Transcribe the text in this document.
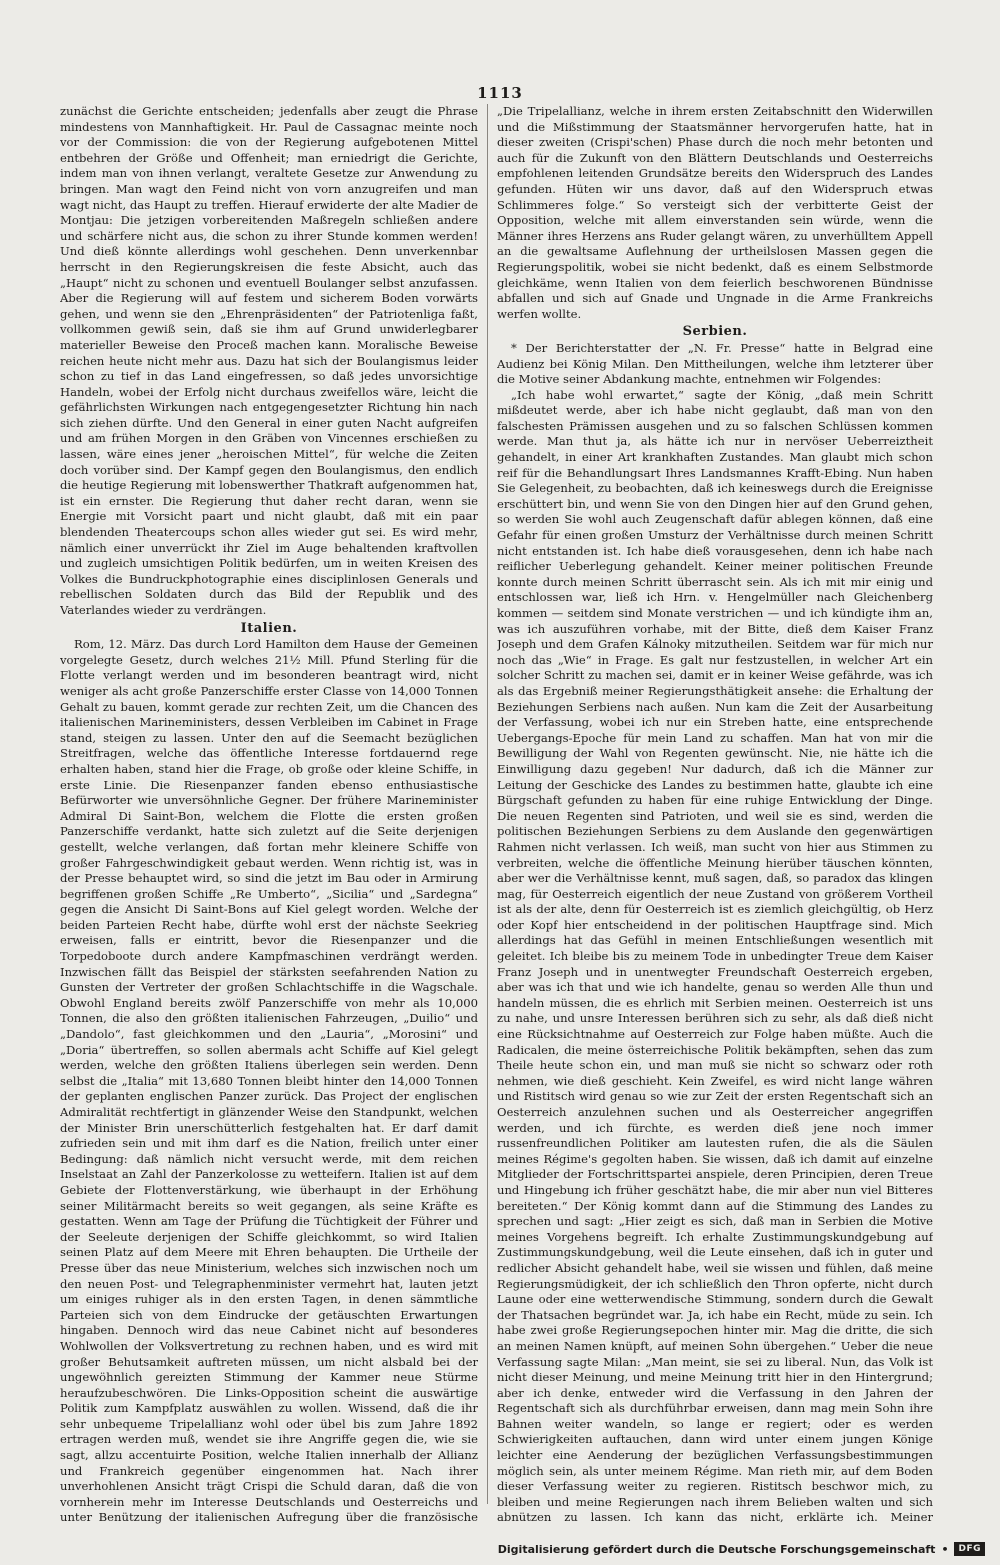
1113

zunächst die Gerichte entscheiden; jedenfalls aber zeugt die Phrase mindestens von Mannhaftigkeit. Hr. Paul de Cassagnac meinte noch vor der Commission: die von der Regierung aufgebotenen Mittel entbehren der Größe und Offenheit; man erniedrigt die Gerichte, indem man von ihnen verlangt, veraltete Gesetze zur Anwendung zu bringen. Man wagt den Feind nicht von vorn anzugreifen und man wagt nicht, das Haupt zu treffen. Hierauf erwiderte der alte Madier de Montjau: Die jetzigen vorbereitenden Maßregeln schließen andere und schärfere nicht aus, die schon zu ihrer Stunde kommen werden! Und dieß könnte allerdings wohl geschehen. Denn unverkennbar herrscht in den Regierungskreisen die feste Absicht, auch das „Haupt“ nicht zu schonen und eventuell Boulanger selbst anzufassen. Aber die Regierung will auf festem und sicherem Boden vorwärts gehen, und wenn sie den „Ehrenpräsidenten“ der Patriotenliga faßt, vollkommen gewiß sein, daß sie ihm auf Grund unwiderlegbarer materieller Beweise den Proceß machen kann. Moralische Beweise reichen heute nicht mehr aus. Dazu hat sich der Boulangismus leider schon zu tief in das Land eingefressen, so daß jedes unvorsichtige Handeln, wobei der Erfolg nicht durchaus zweifellos wäre, leicht die gefährlichsten Wirkungen nach entgegengesetzter Richtung hin nach sich ziehen dürfte. Und den General in einer guten Nacht aufgreifen und am frühen Morgen in den Gräben von Vincennes erschießen zu lassen, wäre eines jener „heroischen Mittel“, für welche die Zeiten doch vorüber sind. Der Kampf gegen den Boulangismus, den endlich die heutige Regierung mit lobenswerther Thatkraft aufgenommen hat, ist ein ernster. Die Regierung thut daher recht daran, wenn sie Energie mit Vorsicht paart und nicht glaubt, daß mit ein paar blendenden Theatercoups schon alles wieder gut sei. Es wird mehr, nämlich einer unverrückt ihr Ziel im Auge behaltenden kraftvollen und zugleich umsichtigen Politik bedürfen, um in weiten Kreisen des Volkes die Bundruckphotographie eines disciplinlosen Generals und rebellischen Soldaten durch das Bild der Republik und des Vaterlandes wieder zu verdrängen.

Italien.

Rom, 12. März. Das durch Lord Hamilton dem Hause der Gemeinen vorgelegte Gesetz, durch welches 21½ Mill. Pfund Sterling für die Flotte verlangt werden und im besonderen beantragt wird, nicht weniger als acht große Panzerschiffe erster Classe von 14,000 Tonnen Gehalt zu bauen, kommt gerade zur rechten Zeit, um die Chancen des italienischen Marineministers, dessen Verbleiben im Cabinet in Frage stand, steigen zu lassen. Unter den auf die Seemacht bezüglichen Streitfragen, welche das öffentliche Interesse fortdauernd rege erhalten haben, stand hier die Frage, ob große oder kleine Schiffe, in erste Linie. Die Riesenpanzer fanden ebenso enthusiastische Befürworter wie unversöhnliche Gegner. Der frühere Marineminister Admiral Di Saint-Bon, welchem die Flotte die ersten großen Panzerschiffe verdankt, hatte sich zuletzt auf die Seite derjenigen gestellt, welche verlangen, daß fortan mehr kleinere Schiffe von großer Fahrgeschwindigkeit gebaut werden. Wenn richtig ist, was in der Presse behauptet wird, so sind die jetzt im Bau oder in Armirung begriffenen großen Schiffe „Re Umberto“, „Sicilia“ und „Sardegna“ gegen die Ansicht Di Saint-Bons auf Kiel gelegt worden. Welche der beiden Parteien Recht habe, dürfte wohl erst der nächste Seekrieg erweisen, falls er eintritt, bevor die Riesenpanzer und die Torpedoboote durch andere Kampfmaschinen verdrängt werden. Inzwischen fällt das Beispiel der stärksten seefahrenden Nation zu Gunsten der Vertreter der großen Schlachtschiffe in die Wagschale. Obwohl England bereits zwölf Panzerschiffe von mehr als 10,000 Tonnen, die also den größten italienischen Fahrzeugen, „Duilio“ und „Dandolo“, fast gleichkommen und den „Lauria“, „Morosini“ und „Doria“ übertreffen, so sollen abermals acht Schiffe auf Kiel gelegt werden, welche den größten Italiens überlegen sein werden. Denn selbst die „Italia“ mit 13,680 Tonnen bleibt hinter den 14,000 Tonnen der geplanten englischen Panzer zurück. Das Project der englischen Admiralität rechtfertigt in glänzender Weise den Standpunkt, welchen der Minister Brin unerschütterlich festgehalten hat. Er darf damit zufrieden sein und mit ihm darf es die Nation, freilich unter einer Bedingung: daß nämlich nicht versucht werde, mit dem reichen Inselstaat an Zahl der Panzerkolosse zu wetteifern. Italien ist auf dem Gebiete der Flottenverstärkung, wie überhaupt in der Erhöhung seiner Militärmacht bereits so weit gegangen, als seine Kräfte es gestatten. Wenn am Tage der Prüfung die Tüchtigkeit der Führer und der Seeleute derjenigen der Schiffe gleichkommt, so wird Italien seinen Platz auf dem Meere mit Ehren behaupten. Die Urtheile der Presse über das neue Ministerium, welches sich inzwischen noch um den neuen Post- und Telegraphenminister vermehrt hat, lauten jetzt um einiges ruhiger als in den ersten Tagen, in denen sämmtliche Parteien sich von dem Eindrucke der getäuschten Erwartungen hingaben. Dennoch wird das neue Cabinet nicht auf besonderes Wohlwollen der Volksvertretung zu rechnen haben, und es wird mit großer Behutsamkeit auftreten müssen, um nicht alsbald bei der ungewöhnlich gereizten Stimmung der Kammer neue Stürme heraufzubeschwören. Die Links-Opposition scheint die auswärtige Politik zum Kampfplatz auswählen zu wollen. Wissend, daß die ihr sehr unbequeme Tripelallianz wohl oder übel bis zum Jahre 1892 ertragen werden muß, wendet sie ihre Angriffe gegen die, wie sie sagt, allzu accentuirte Position, welche Italien innerhalb der Allianz und Frankreich gegenüber eingenommen hat. Nach ihrer unverhohlenen Ansicht trägt Crispi die Schuld daran, daß die von vornherein mehr im Interesse Deutschlands und Oesterreichs und unter Benützung der italienischen Aufregung über die französische

„Die Tripelallianz, welche in ihrem ersten Zeitabschnitt den Widerwillen und die Mißstimmung der Staatsmänner hervorgerufen hatte, hat in dieser zweiten (Crispi'schen) Phase durch die noch mehr betonten und auch für die Zukunft von den Blättern Deutschlands und Oesterreichs empfohlenen leitenden Grundsätze bereits den Widerspruch des Landes gefunden. Hüten wir uns davor, daß auf den Widerspruch etwas Schlimmeres folge.“ So versteigt sich der verbitterte Geist der Opposition, welche mit allem einverstanden sein würde, wenn die Männer ihres Herzens ans Ruder gelangt wären, zu unverhülltem Appell an die gewaltsame Auflehnung der urtheilslosen Massen gegen die Regierungspolitik, wobei sie nicht bedenkt, daß es einem Selbstmorde gleichkäme, wenn Italien von dem feierlich beschworenen Bündnisse abfallen und sich auf Gnade und Ungnade in die Arme Frankreichs werfen wollte.

Serbien.

* Der Berichterstatter der „N. Fr. Presse“ hatte in Belgrad eine Audienz bei König Milan. Den Mittheilungen, welche ihm letzterer über die Motive seiner Abdankung machte, entnehmen wir Folgendes:

„Ich habe wohl erwartet,“ sagte der König, „daß mein Schritt mißdeutet werde, aber ich habe nicht geglaubt, daß man von den falschesten Prämissen ausgehen und zu so falschen Schlüssen kommen werde. Man thut ja, als hätte ich nur in nervöser Ueberreiztheit gehandelt, in einer Art krankhaften Zustandes. Man glaubt mich schon reif für die Behandlungsart Ihres Landsmannes Krafft-Ebing. Nun haben Sie Gelegenheit, zu beobachten, daß ich keineswegs durch die Ereignisse erschüttert bin, und wenn Sie von den Dingen hier auf den Grund gehen, so werden Sie wohl auch Zeugenschaft dafür ablegen können, daß eine Gefahr für einen großen Umsturz der Verhältnisse durch meinen Schritt nicht entstanden ist. Ich habe dieß vorausgesehen, denn ich habe nach reiflicher Ueberlegung gehandelt. Keiner meiner politischen Freunde konnte durch meinen Schritt überrascht sein. Als ich mit mir einig und entschlossen war, ließ ich Hrn. v. Hengelmüller nach Gleichenberg kommen — seitdem sind Monate verstrichen — und ich kündigte ihm an, was ich auszuführen vorhabe, mit der Bitte, dieß dem Kaiser Franz Joseph und dem Grafen Kálnoky mitzutheilen. Seitdem war für mich nur noch das „Wie“ in Frage. Es galt nur festzustellen, in welcher Art ein solcher Schritt zu machen sei, damit er in keiner Weise gefährde, was ich als das Ergebniß meiner Regierungsthätigkeit ansehe: die Erhaltung der Beziehungen Serbiens nach außen. Nun kam die Zeit der Ausarbeitung der Verfassung, wobei ich nur ein Streben hatte, eine entsprechende Uebergangs-Epoche für mein Land zu schaffen. Man hat von mir die Bewilligung der Wahl von Regenten gewünscht. Nie, nie hätte ich die Einwilligung dazu gegeben! Nur dadurch, daß ich die Männer zur Leitung der Geschicke des Landes zu bestimmen hatte, glaubte ich eine Bürgschaft gefunden zu haben für eine ruhige Entwicklung der Dinge. Die neuen Regenten sind Patrioten, und weil sie es sind, werden die politischen Beziehungen Serbiens zu dem Auslande den gegenwärtigen Rahmen nicht verlassen. Ich weiß, man sucht von hier aus Stimmen zu verbreiten, welche die öffentliche Meinung hierüber täuschen könnten, aber wer die Verhältnisse kennt, muß sagen, daß, so paradox das klingen mag, für Oesterreich eigentlich der neue Zustand von größerem Vortheil ist als der alte, denn für Oesterreich ist es ziemlich gleichgültig, ob Herz oder Kopf hier entscheidend in der politischen Hauptfrage sind. Mich allerdings hat das Gefühl in meinen Entschließungen wesentlich mit geleitet. Ich bleibe bis zu meinem Tode in unbedingter Treue dem Kaiser Franz Joseph und in unentwegter Freundschaft Oesterreich ergeben, aber was ich that und wie ich handelte, genau so werden Alle thun und handeln müssen, die es ehrlich mit Serbien meinen. Oesterreich ist uns zu nahe, und unsre Interessen berühren sich zu sehr, als daß dieß nicht eine Rücksichtnahme auf Oesterreich zur Folge haben müßte. Auch die Radicalen, die meine österreichische Politik bekämpften, sehen das zum Theile heute schon ein, und man muß sie nicht so schwarz oder roth nehmen, wie dieß geschieht. Kein Zweifel, es wird nicht lange währen und Ristitsch wird genau so wie zur Zeit der ersten Regentschaft sich an Oesterreich anzulehnen suchen und als Oesterreicher angegriffen werden, und ich fürchte, es werden dieß jene noch immer russenfreundlichen Politiker am lautesten rufen, die als die Säulen meines Régime's gegolten haben. Sie wissen, daß ich damit auf einzelne Mitglieder der Fortschrittspartei anspiele, deren Principien, deren Treue und Hingebung ich früher geschätzt habe, die mir aber nun viel Bitteres bereiteten.“ Der König kommt dann auf die Stimmung des Landes zu sprechen und sagt: „Hier zeigt es sich, daß man in Serbien die Motive meines Vorgehens begreift. Ich erhalte Zustimmungskundgebung auf Zustimmungskundgebung, weil die Leute einsehen, daß ich in guter und redlicher Absicht gehandelt habe, weil sie wissen und fühlen, daß meine Regierungsmüdigkeit, der ich schließlich den Thron opferte, nicht durch Laune oder eine wetterwendische Stimmung, sondern durch die Gewalt der Thatsachen begründet war. Ja, ich habe ein Recht, müde zu sein. Ich habe zwei große Regierungsepochen hinter mir. Mag die dritte, die sich an meinen Namen knüpft, auf meinen Sohn übergehen.“ Ueber die neue Verfassung sagte Milan: „Man meint, sie sei zu liberal. Nun, das Volk ist nicht dieser Meinung, und meine Meinung tritt hier in den Hintergrund; aber ich denke, entweder wird die Verfassung in den Jahren der Regentschaft sich als durchführbar erweisen, dann mag mein Sohn ihre Bahnen weiter wandeln, so lange er regiert; oder es werden Schwierigkeiten auftauchen, dann wird unter einem jungen Könige leichter eine Aenderung der bezüglichen Verfassungsbestimmungen möglich sein, als unter meinem Régime. Man rieth mir, auf dem Boden dieser Verfassung weiter zu regieren. Ristitsch beschwor mich, zu bleiben und meine Regierungen nach ihrem Belieben walten und sich abnützen zu lassen. Ich kann das nicht, erklärte ich. Meiner

Digitalisierung gefördert durch die Deutsche Forschungsgemeinschaft •	DFG
